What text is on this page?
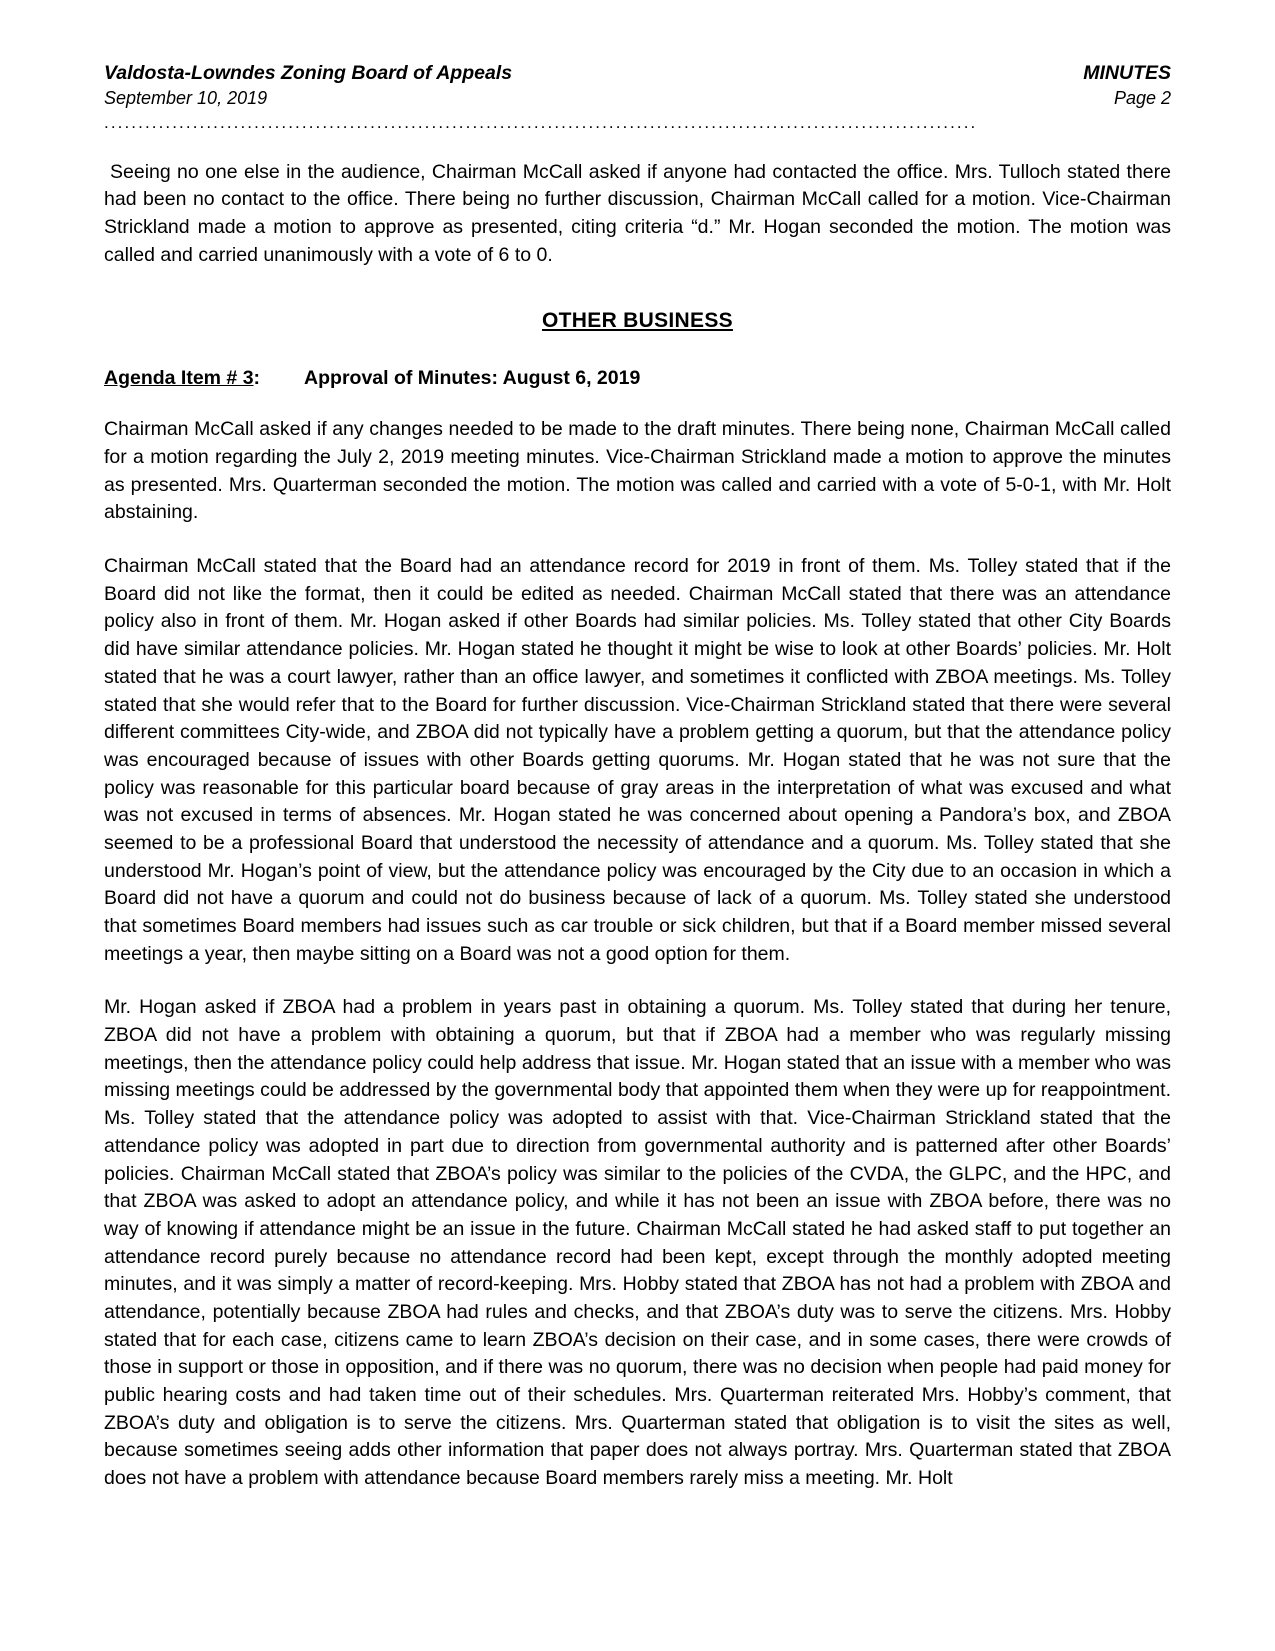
Valdosta-Lowndes Zoning Board of Appeals
September 10, 2019
MINUTES
Page 2
................................................................................................................................

Seeing no one else in the audience, Chairman McCall asked if anyone had contacted the office. Mrs. Tulloch stated there had been no contact to the office. There being no further discussion, Chairman McCall called for a motion. Vice-Chairman Strickland made a motion to approve as presented, citing criteria “d.” Mr. Hogan seconded the motion. The motion was called and carried unanimously with a vote of 6 to 0.

OTHER BUSINESS
Agenda Item # 3 : Approval of Minutes: August 6, 2019

Chairman McCall asked if any changes needed to be made to the draft minutes. There being none, Chairman McCall called for a motion regarding the July 2, 2019 meeting minutes. Vice-Chairman Strickland made a motion to approve the minutes as presented. Mrs. Quarterman seconded the motion. The motion was called and carried with a vote of 5-0-1, with Mr. Holt abstaining.

Chairman McCall stated that the Board had an attendance record for 2019 in front of them. Ms. Tolley stated that if the Board did not like the format, then it could be edited as needed. Chairman McCall stated that there was an attendance policy also in front of them. Mr. Hogan asked if other Boards had similar policies. Ms. Tolley stated that other City Boards did have similar attendance policies. Mr. Hogan stated he thought it might be wise to look at other Boards’ policies. Mr. Holt stated that he was a court lawyer, rather than an office lawyer, and sometimes it conflicted with ZBOA meetings. Ms. Tolley stated that she would refer that to the Board for further discussion. Vice-Chairman Strickland stated that there were several different committees City-wide, and ZBOA did not typically have a problem getting a quorum, but that the attendance policy was encouraged because of issues with other Boards getting quorums. Mr. Hogan stated that he was not sure that the policy was reasonable for this particular board because of gray areas in the interpretation of what was excused and what was not excused in terms of absences. Mr. Hogan stated he was concerned about opening a Pandora’s box, and ZBOA seemed to be a professional Board that understood the necessity of attendance and a quorum. Ms. Tolley stated that she understood Mr. Hogan’s point of view, but the attendance policy was encouraged by the City due to an occasion in which a Board did not have a quorum and could not do business because of lack of a quorum. Ms. Tolley stated she understood that sometimes Board members had issues such as car trouble or sick children, but that if a Board member missed several meetings a year, then maybe sitting on a Board was not a good option for them.

Mr. Hogan asked if ZBOA had a problem in years past in obtaining a quorum. Ms. Tolley stated that during her tenure, ZBOA did not have a problem with obtaining a quorum, but that if ZBOA had a member who was regularly missing meetings, then the attendance policy could help address that issue. Mr. Hogan stated that an issue with a member who was missing meetings could be addressed by the governmental body that appointed them when they were up for reappointment. Ms. Tolley stated that the attendance policy was adopted to assist with that. Vice-Chairman Strickland stated that the attendance policy was adopted in part due to direction from governmental authority and is patterned after other Boards’ policies. Chairman McCall stated that ZBOA’s policy was similar to the policies of the CVDA, the GLPC, and the HPC, and that ZBOA was asked to adopt an attendance policy, and while it has not been an issue with ZBOA before, there was no way of knowing if attendance might be an issue in the future. Chairman McCall stated he had asked staff to put together an attendance record purely because no attendance record had been kept, except through the monthly adopted meeting minutes, and it was simply a matter of record-keeping. Mrs. Hobby stated that ZBOA has not had a problem with ZBOA and attendance, potentially because ZBOA had rules and checks, and that ZBOA’s duty was to serve the citizens. Mrs. Hobby stated that for each case, citizens came to learn ZBOA’s decision on their case, and in some cases, there were crowds of those in support or those in opposition, and if there was no quorum, there was no decision when people had paid money for public hearing costs and had taken time out of their schedules. Mrs. Quarterman reiterated Mrs. Hobby’s comment, that ZBOA’s duty and obligation is to serve the citizens. Mrs. Quarterman stated that obligation is to visit the sites as well, because sometimes seeing adds other information that paper does not always portray. Mrs. Quarterman stated that ZBOA does not have a problem with attendance because Board members rarely miss a meeting. Mr. Holt
